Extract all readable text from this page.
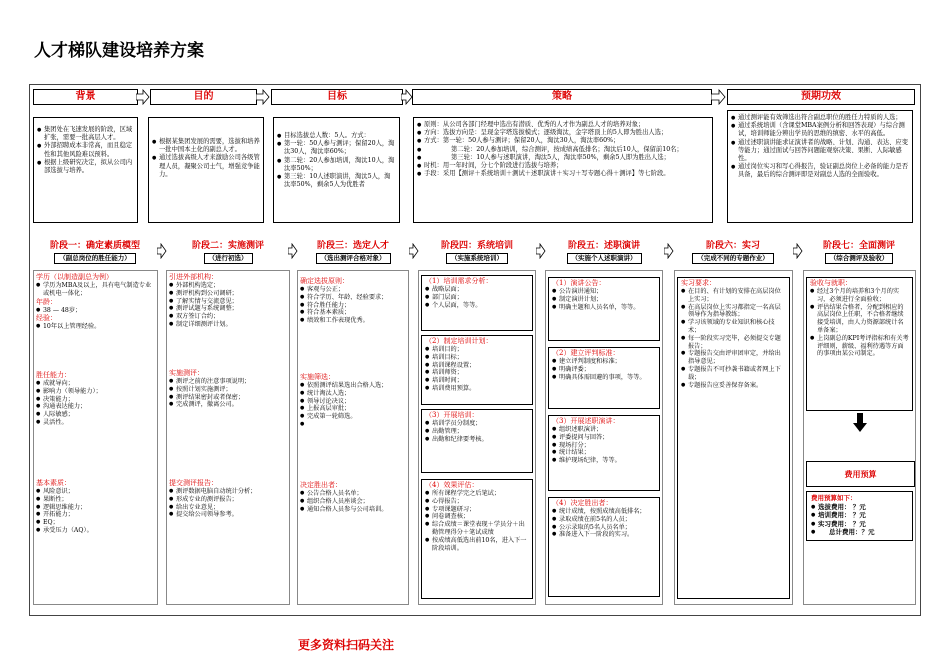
人才梯队建设培养方案
背景	目的	目标	策略	预期功效
● 集团处在飞速发展的阶段，区域扩张，需要一批高层人才。
● 外部招聘成本非常高，而且稳定性和其他风险难以预料。
● 根据上级研究决定，拟从公司内部选拔与培养。
● 根据某集团发展的需要，选拔和培养一批中国本土化的副总人才。
● 通过选拔高级人才来激励公司各级管理人员，凝聚公司士气，增强竞争能力。
● 目标选拔总人数：5人。方式：
● 第一轮：50人参与测评；保留20人，淘汰30人，淘汰率60%；
● 第二轮：20人参加培训，淘汰10人，淘汰率50%；
● 第三轮：10人述职演讲，淘汰5人，淘汰率50%，剩余5人为优胜者
● 原则：从公司各部门经理中选出有潜质、优秀的人才作为副总人才的培养对象；
● 方向：选拔方向是：呈现金字塔选拔模式；逐级淘汰，金字塔顶上的5人即为胜出人选；
● 方式：第一轮：50人参与测评；保留20人，淘汰30人，淘汰率60%；
● 第二轮：20人参加培训，综合测评，按成绩高低排名；淘汰后10人，保留前10名；
● 第三轮：10人参与述职演讲，淘汰5人，淘汰率50%，剩余5人即为胜出人选；
● 时机：用一年时间，分七个阶段进行选拔与培养；
● 手段：采用【测评＋系统培训＋测试＋述职演讲＋实习＋写专题心得＋测评】等七阶段。
● 通过测评能有效筛选出符合副总职位的胜任力特质的人选；
● 通过系统培训（含课堂MBA案例分析和回答表现）与综合测试，培训师能分辨出学员的思维的缜密、水平的高低。
● 通过述职演讲能求证演讲者的战略、计划、沟通、表达、应变等能力；通过面试与回答问题能观察决策、果断、人际敏感性。
● 通过岗位实习和写心得报告，验证副总岗位上必备的能力是否具备，最后的综合测评即是对副总人选的全面验收。
阶段一：确定素质模型
（副总岗位的胜任能力）
阶段二：实施测评
（进行初选）
阶段三：选定人才
（选出测评合格对象）
阶段四：系统培训
（实施系统培训）
阶段五：述职演讲
（实施个人述职演讲）
阶段六：实习
（完成不同的专题作业）
阶段七：全面测评
（综合测评及验收）
学历（以制造副总为例）
● 学历为MBA及以上，具有电气制造专业或机电一体化；
年龄：
● 38 — 48岁；
经验：
● 10年以上管理经验。
胜任能力：
● 成就导向；
● 影响力（领导能力）；
● 决策能力；
● 沟通表达能力；
● 人际敏感；
● 灵活性。
基本素质：
● 风险意识；
● 果断性；
● 逻辑思维能力；
● 开拓能力；
● EQ；
● 承受压力（AQ）。
引进外部机构：
● 外部机构选定；
● 测评机构到公司调研；
● 了解实情与交流意见；
● 测评试题与系统调整；
● 双方签订合约；
● 制定详细测评计划。
实施测评：
● 测评之前的注意事项说明；
● 按照计划实施测评；
● 测评结果密封或者保密；
● 完成测评，撤离公司。
提交测评报告：
● 测评数据电脑自动统计分析；
● 形成专业的测评报告；
● 给出专业意见；
● 提交给公司领导参考。
确定选拔原则：
● 客观与公正；
● 符合学历、年龄、经验要求；
● 符合胜任能力；
● 符合基本素质；
● 绩效和工作表现优秀。
实施筛选：
● 依照测评结果选出合格人选；
● 统计淘汰人选；
● 领导讨论决议；
● 上报高层审批；
● 完成第一轮筛选。
决定胜出者：
● 公告合格人员名单；
● 组织合格人员座谈会；
● 通知合格人员参与公司培训。
（1）培训需求分析：
● 战略层面；
● 部门层面；
● 个人层面，等等。
（2）制定培训计划：
● 培训目的；
● 培训目标；
● 培训课程设置；
● 培训师资；
● 培训时间；
● 培训费用预算。
（3）开展培训：
● 培训学员分制度；
● 出勤管理；
● 出勤和纪律要考核。
（4）效果评估：
● 所有课程学完之后笔试；
● 心得报告；
● 专项课题研习；
● 问卷调查核；
● 综合成绩＝课堂表现＋学员分＋出勤管理得分＋笔试成绩
● 按成绩高低选出前10名，进入下一阶段培训。
（1）演讲公告：
● 公告演讲通知；
● 制定演讲计划；
● 明确主题和人员名单，等等。
（2）建立评判标准：
● 建立评判制度和标准；
● 明确评委；
● 明确具体需回避的事项，等等。
（3）开展述职演讲：
● 组织述职演讲；
● 评委提问与回答；
● 现场打分；
● 统计结果；
● 维护现场纪律，等等。
（4）决定胜出者：
● 统计成绩，按照成绩高低排名；
● 录取成绩在前5名的人员；
● 公示录取的5名人员名单；
● 准备进入下一阶段的实习。
实习要求：
● 在目的、有计划的安排在高层岗位上实习；
● 在高层岗位上实习都指定一名高层领导作为指导教练；
● 学习该领域的专业知识和核心技术；
● 每一阶段实习完毕，必须提交专题报告；
● 专题报告交由评审团审定，并给出指导意见；
● 专题报告不可抄袭书籍或者网上下载；
● 专题报告应妥善保存备案。
验收与就职：
● 经过3个月的培养和3个月的实习，必须进行全面验收；
● 评估结果合格者，分配到相应的高层岗位上任职，不合格者继续接受培训，由人力资源部统计名单备案；
● 上岗副总的KPI考评指标和有关考评细则，薪级、福利待遇等方面的事项由某公司制定。
费用预算
费用预算如下：
● 选拔费用： ？元
● 培训费用： ？元
● 实习费用： ？元
● 总计费用：？元
更多资料扫码关注
